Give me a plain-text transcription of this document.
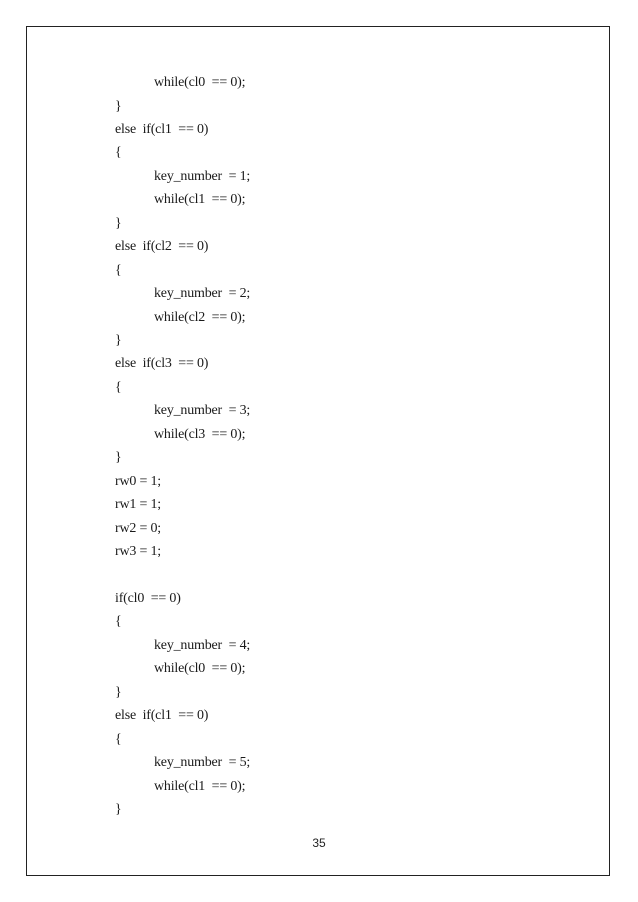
while(cl0  == 0);
}
else  if(cl1  == 0)
{
key_number  = 1;
while(cl1  == 0);
}
else  if(cl2  == 0)
{
key_number  = 2;
while(cl2  == 0);
}
else  if(cl3  == 0)
{
key_number  = 3;
while(cl3  == 0);
}
rw0 = 1;
rw1 = 1;
rw2 = 0;
rw3 = 1;
if(cl0  == 0)
{
key_number  = 4;
while(cl0  == 0);
}
else  if(cl1  == 0)
{
key_number  = 5;
while(cl1  == 0);
}
35
